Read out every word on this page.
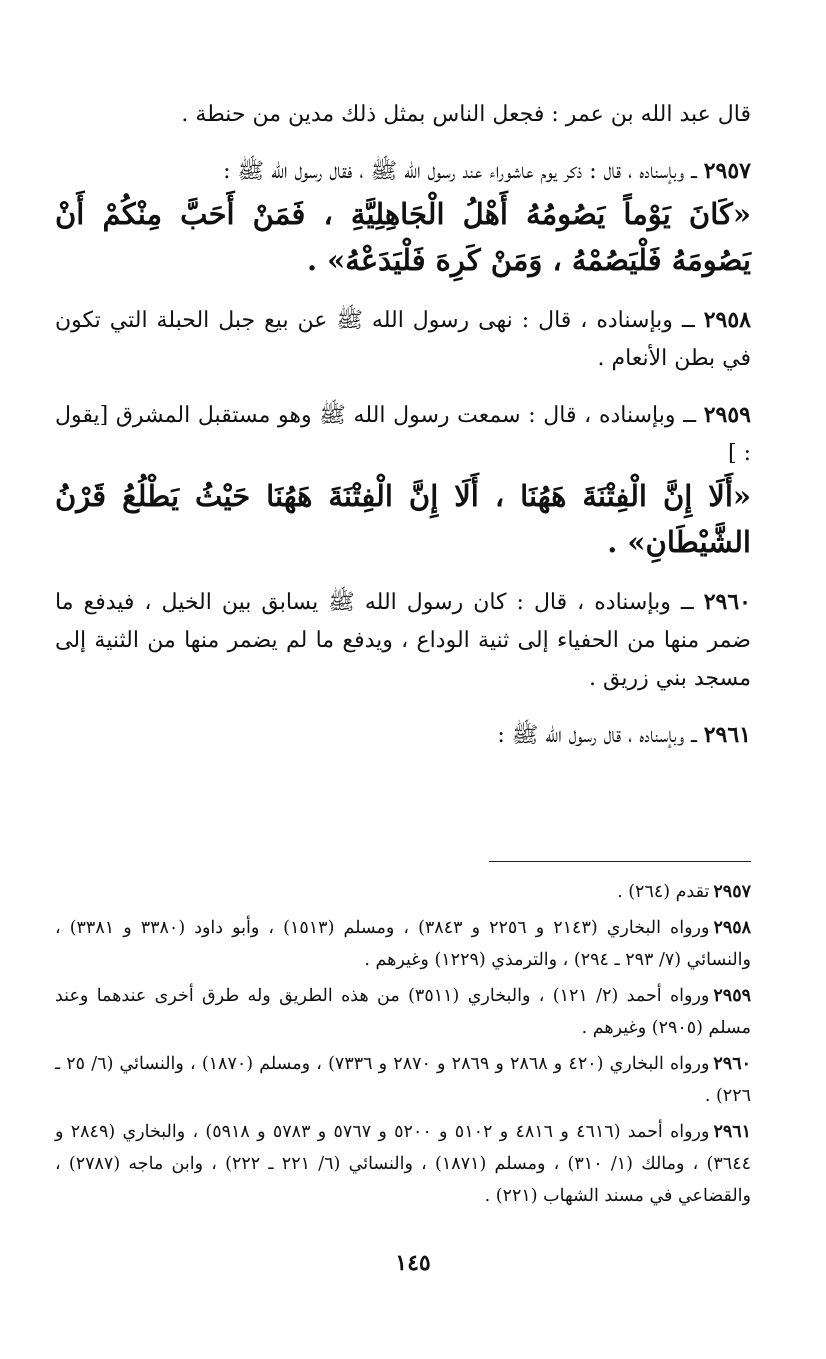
قال عبد الله بن عمر : فجعل الناس بمثل ذلك مدين من حنطة .

٢٩٥٧ ــ وبإسناده ، قال : ذكر يوم عاشوراء عند رسول الله ﷺ ، فقال رسول الله ﷺ :

«كَانَ يَوْماً يَصُومُهُ أَهْلُ الْجَاهِلِيَّةِ ، فَمَنْ أَحَبَّ مِنْكُمْ أَنْ يَصُومَهُ فَلْيَصُمْهُ ، وَمَنْ كَرِهَ فَلْيَدَعْهُ» .

٢٩٥٨ ــ وبإسناده ، قال : نهى رسول الله ﷺ عن بيع جبل الحبلة التي تكون في بطن الأنعام .

٢٩٥٩ ــ وبإسناده ، قال : سمعت رسول الله ﷺ وهو مستقبل المشرق [يقول : ]

«أَلَا إِنَّ الْفِتْنَةَ هَهُنَا ، أَلَا إِنَّ الْفِتْنَةَ هَهُنَا حَيْثُ يَطْلُعُ قَرْنُ الشَّيْطَانِ» .

٢٩٦٠ ــ وبإسناده ، قال : كان رسول الله ﷺ يسابق بين الخيل ، فيدفع ما ضمر منها من الحفياء إلى ثنية الوداع ، ويدفع ما لم يضمر منها من الثنية إلى مسجد بني زريق .

٢٩٦١ ــ وبإسناده ، قال رسول الله ﷺ :

٢٩٥٧تقدم (٢٦٤) .

٢٩٥٨ورواه البخاري (٢١٤٣ و ٢٢٥٦ و ٣٨٤٣) ، ومسلم (١٥١٣) ، وأبو داود (٣٣٨٠ و ٣٣٨١) ، والنسائي (٧/ ٢٩٣ ـ ٢٩٤) ، والترمذي (١٢٢٩) وغيرهم .

٢٩٥٩ورواه أحمد (٢/ ١٢١) ، والبخاري (٣٥١١) من هذه الطريق وله طرق أخرى عندهما وعند مسلم (٢٩٠٥) وغيرهم .

٢٩٦٠ورواه البخاري (٤٢٠ و ٢٨٦٨ و ٢٨٦٩ و ٢٨٧٠ و ٧٣٣٦) ، ومسلم (١٨٧٠) ، والنسائي (٦/ ٢٥ ـ ٢٢٦) .

٢٩٦١ورواه أحمد (٤٦١٦ و ٤٨١٦ و ٥١٠٢ و ٥٢٠٠ و ٥٧٦٧ و ٥٧٨٣ و ٥٩١٨) ، والبخاري (٢٨٤٩ و ٣٦٤٤) ، ومالك (١/ ٣١٠) ، ومسلم (١٨٧١) ، والنسائي (٦/ ٢٢١ ـ ٢٢٢) ، وابن ماجه (٢٧٨٧) ، والقضاعي في مسند الشهاب (٢٢١) .

١٤٥
